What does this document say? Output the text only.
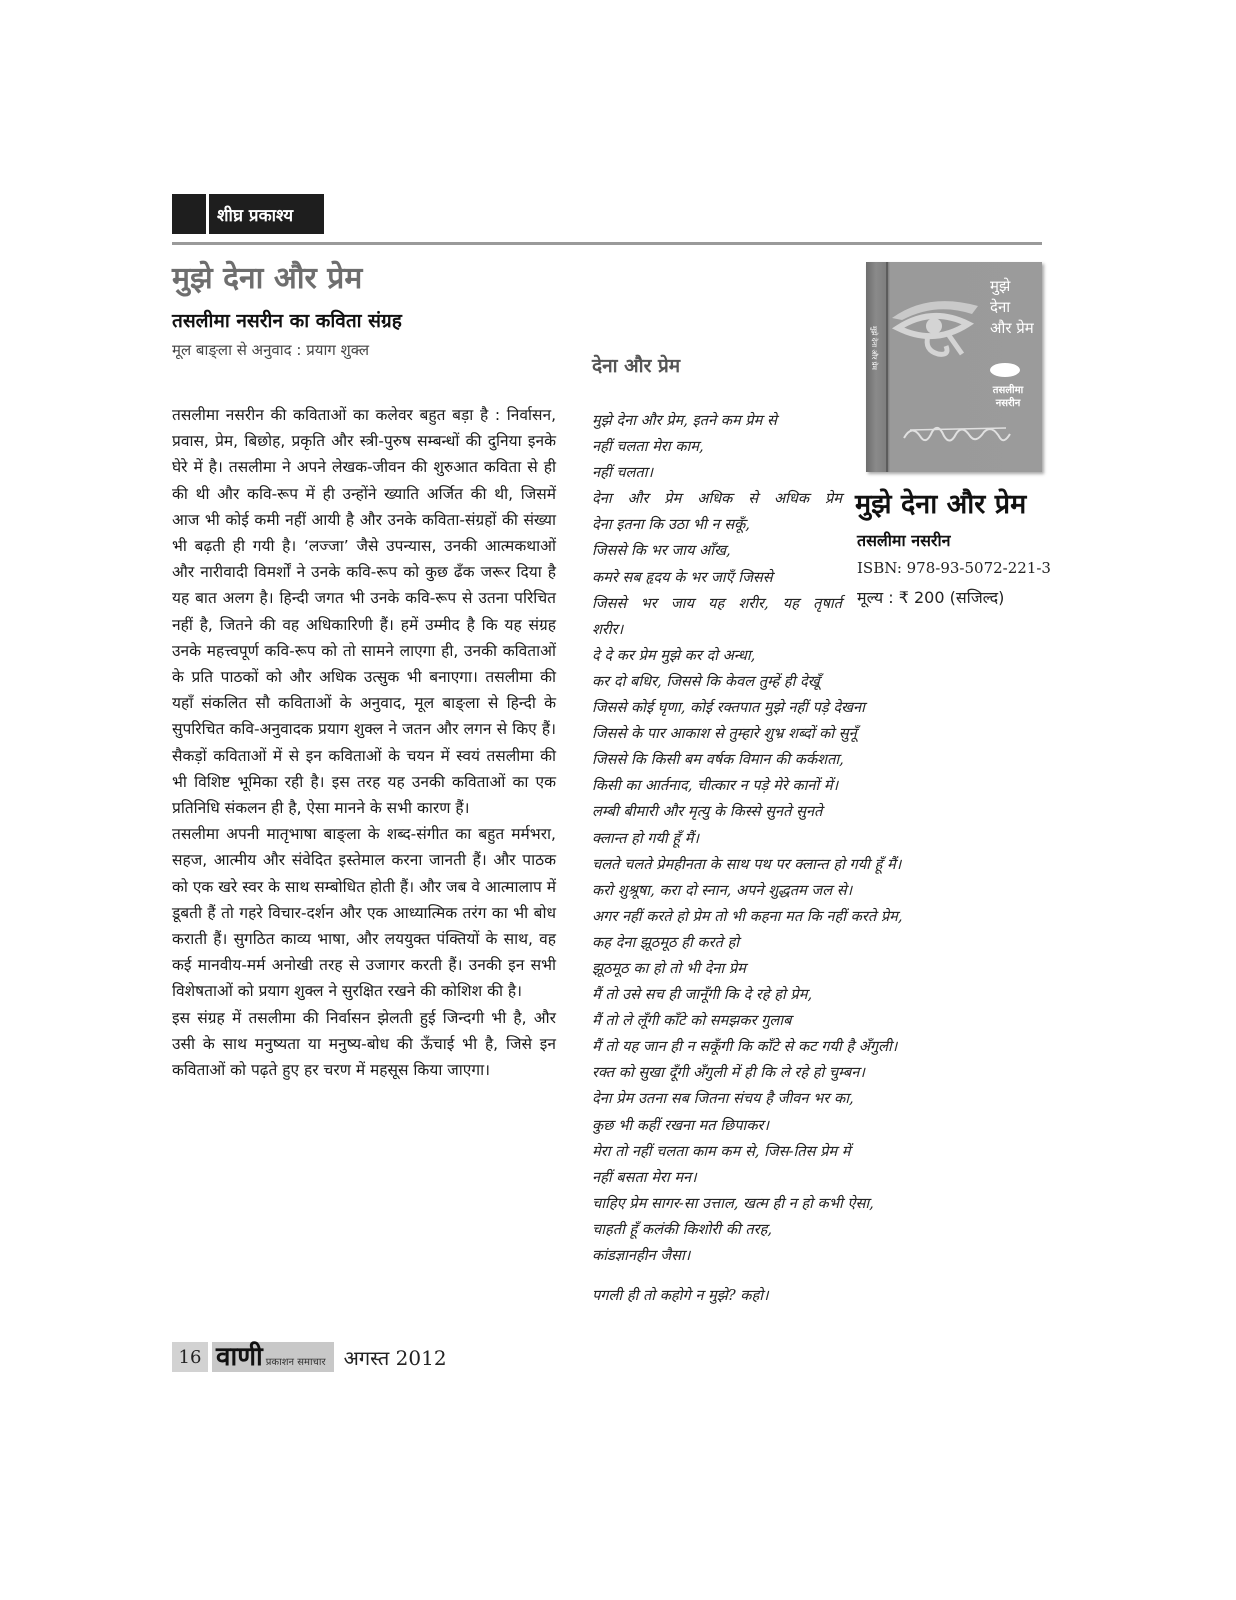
शीघ्र प्रकाश्य
मुझे देना और प्रेम
तसलीमा नसरीन का कविता संग्रह

मूल बाङ्ला से अनुवाद : प्रयाग शुक्ल

तसलीमा नसरीन की कविताओं का कलेवर बहुत बड़ा है : निर्वासन, प्रवास, प्रेम, बिछोह, प्रकृति और स्त्री-पुरुष सम्बन्धों की दुनिया इनके घेरे में है। तसलीमा ने अपने लेखक-जीवन की शुरुआत कविता से ही की थी और कवि-रूप में ही उन्होंने ख्याति अर्जित की थी, जिसमें आज भी कोई कमी नहीं आयी है और उनके कविता-संग्रहों की संख्या भी बढ़ती ही गयी है। ‘लज्जा’ जैसे उपन्यास, उनकी आत्मकथाओं और नारीवादी विमर्शों ने उनके कवि-रूप को कुछ ढँक जरूर दिया है यह बात अलग है। हिन्दी जगत भी उनके कवि-रूप से उतना परिचित नहीं है, जितने की वह अधिकारिणी हैं। हमें उम्मीद है कि यह संग्रह उनके महत्त्वपूर्ण कवि-रूप को तो सामने लाएगा ही, उनकी कविताओं के प्रति पाठकों को और अधिक उत्सुक भी बनाएगा। तसलीमा की यहाँ संकलित सौ कविताओं के अनुवाद, मूल बाङ्ला से हिन्दी के सुपरिचित कवि-अनुवादक प्रयाग शुक्ल ने जतन और लगन से किए हैं। सैकड़ों कविताओं में से इन कविताओं के चयन में स्वयं तसलीमा की भी विशिष्ट भूमिका रही है। इस तरह यह उनकी कविताओं का एक प्रतिनिधि संकलन ही है, ऐसा मानने के सभी कारण हैं।

तसलीमा अपनी मातृभाषा बाङ्ला के शब्द-संगीत का बहुत मर्मभरा, सहज, आत्मीय और संवेदित इस्तेमाल करना जानती हैं। और पाठक को एक खरे स्वर के साथ सम्बोधित होती हैं। और जब वे आत्मालाप में डूबती हैं तो गहरे विचार-दर्शन और एक आध्यात्मिक तरंग का भी बोध कराती हैं। सुगठित काव्य भाषा, और लययुक्त पंक्तियों के साथ, वह कई मानवीय-मर्म अनोखी तरह से उजागर करती हैं। उनकी इन सभी विशेषताओं को प्रयाग शुक्ल ने सुरक्षित रखने की कोशिश की है।

इस संग्रह में तसलीमा की निर्वासन झेलती हुई जिन्दगी भी है, और उसी के साथ मनुष्यता या मनुष्य-बोध की ऊँचाई भी है, जिसे इन कविताओं को पढ़ते हुए हर चरण में महसूस किया जाएगा।

देना और प्रेम
मुझे देना और प्रेम, इतने कम प्रेम से
नहीं चलता मेरा काम,
नहीं चलता।
देना और प्रेम अधिक से अधिक प्रेम
देना इतना कि उठा भी न सकूँ,
जिससे कि भर जाय आँख,
कमरे सब हृदय के भर जाएँ जिससे
जिससे भर जाय यह शरीर, यह तृषार्त
शरीर।
दे दे कर प्रेम मुझे कर दो अन्धा,
कर दो बधिर, जिससे कि केवल तुम्हें ही देखूँ
जिससे कोई घृणा, कोई रक्तपात मुझे नहीं पड़े देखना
जिससे के पार आकाश से तुम्हारे शुभ्र शब्दों को सुनूँ
जिससे कि किसी बम वर्षक विमान की कर्कशता,
किसी का आर्तनाद, चीत्कार न पड़े मेरे कानों में।
लम्बी बीमारी और मृत्यु के किस्से सुनते सुनते
क्लान्त हो गयी हूँ मैं।
चलते चलते प्रेमहीनता के साथ पथ पर क्लान्त हो गयी हूँ मैं।
करो शुश्रूषा, करा दो स्नान, अपने शुद्धतम जल से।
अगर नहीं करते हो प्रेम तो भी कहना मत कि नहीं करते प्रेम,
कह देना झूठमूठ ही करते हो
झूठमूठ का हो तो भी देना प्रेम
मैं तो उसे सच ही जानूँगी कि दे रहे हो प्रेम,
मैं तो ले लूँगी काँटे को समझकर गुलाब
मैं तो यह जान ही न सकूँगी कि काँटे से कट गयी है अँगुली।
रक्त को सुखा दूँगी अँगुली में ही कि ले रहे हो चुम्बन।
देना प्रेम उतना सब जितना संचय है जीवन भर का,
कुछ भी कहीं रखना मत छिपाकर।
मेरा तो नहीं चलता काम कम से, जिस-तिस प्रेम में
नहीं बसता मेरा मन।
चाहिए प्रेम सागर-सा उत्ताल, खत्म ही न हो कभी ऐसा,
चाहती हूँ कलंकी किशोरी की तरह,
कांडज्ञानहीन जैसा।
पगली ही तो कहोगे न मुझे? कहो।
मुझे देना और प्रेम
मुझे देना और प्रेम
तसलीमा नसरीन
मुझे देना और प्रेम

तसलीमा नसरीन

ISBN: 978-93-5072-221-3

मूल्य : ₹ 200 (सजिल्द)

16 वाणी प्रकाशन समाचार अगस्त 2012
